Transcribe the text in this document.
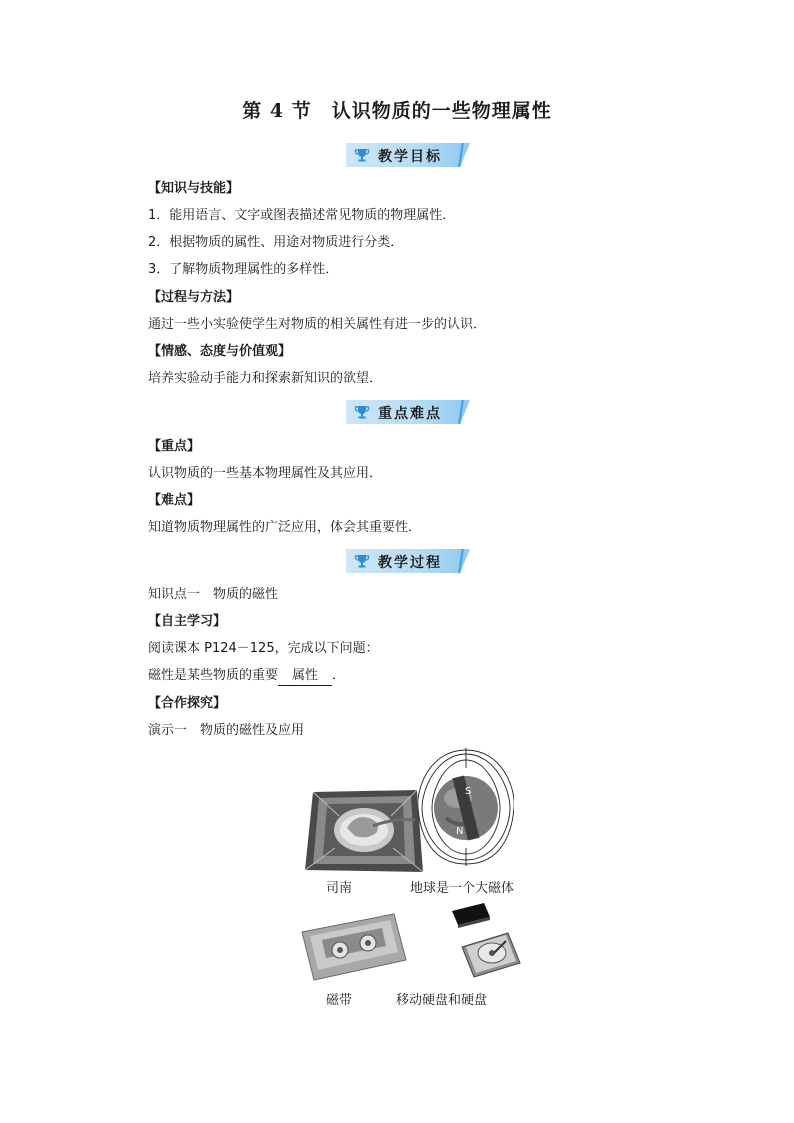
第 4 节　认识物质的一些物理属性
教学目标
【知识与技能】
1．能用语言、文字或图表描述常见物质的物理属性．
2．根据物质的属性、用途对物质进行分类．
3．了解物质物理属性的多样性．
【过程与方法】
通过一些小实验使学生对物质的相关属性有进一步的认识．
【情感、态度与价值观】
培养实验动手能力和探索新知识的欲望．
重点难点
【重点】
认识物质的一些基本物理属性及其应用．
【难点】
知道物质物理属性的广泛应用，体会其重要性．
教学过程
知识点一　物质的磁性
【自主学习】
阅读课本 P124－125，完成以下问题：
磁性是某些物质的重要 属性 ．
【合作探究】
演示一　物质的磁性及应用
S
N
司南	地球是一个大磁体
磁带	移动硬盘和硬盘
